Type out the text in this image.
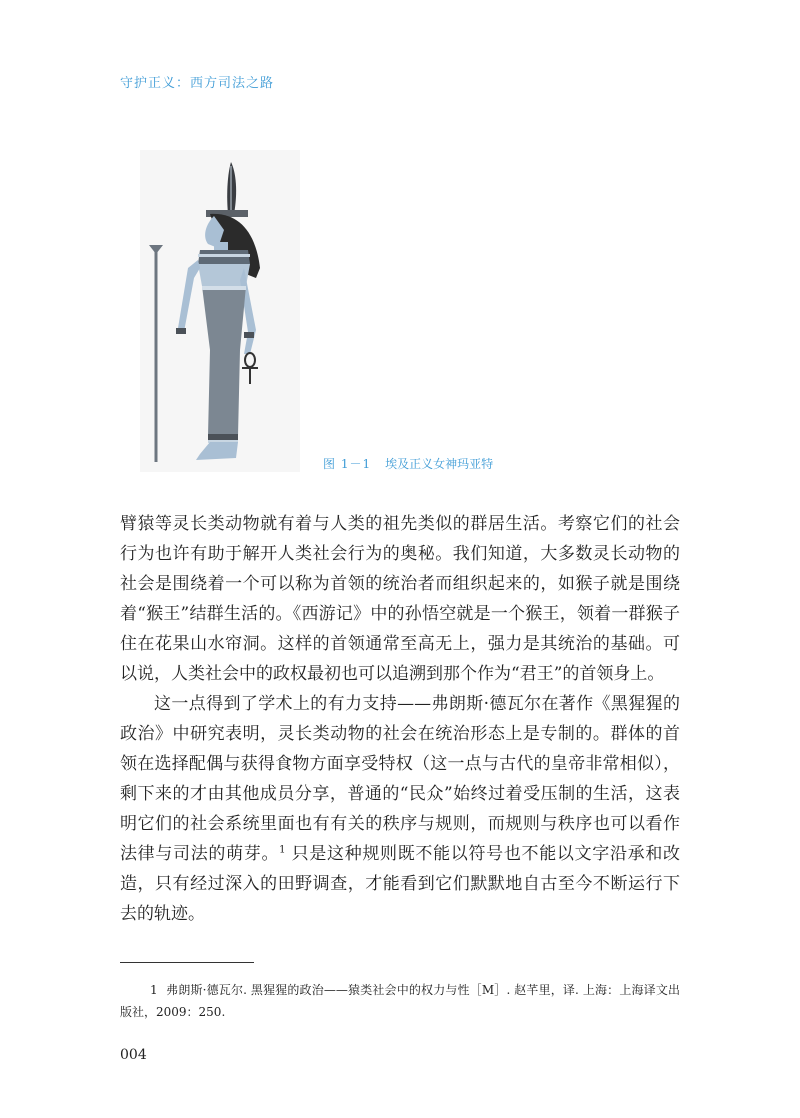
守护正义：西方司法之路
图 1－1 埃及正义女神玛亚特

臂猿等灵长类动物就有着与人类的祖先类似的群居生活。考察它们的社会行为也许有助于解开人类社会行为的奥秘。我们知道，大多数灵长动物的社会是围绕着一个可以称为首领的统治者而组织起来的，如猴子就是围绕着“猴王”结群生活的。《西游记》中的孙悟空就是一个猴王，领着一群猴子住在花果山水帘洞。这样的首领通常至高无上，强力是其统治的基础。可以说，人类社会中的政权最初也可以追溯到那个作为“君王”的首领身上。

这一点得到了学术上的有力支持——弗朗斯·德瓦尔在著作《黑猩猩的政治》中研究表明，灵长类动物的社会在统治形态上是专制的。群体的首领在选择配偶与获得食物方面享受特权（这一点与古代的皇帝非常相似），剩下来的才由其他成员分享，普通的“民众”始终过着受压制的生活，这表明它们的社会系统里面也有有关的秩序与规则，而规则与秩序也可以看作法律与司法的萌芽。$^1$ 只是这种规则既不能以符号也不能以文字沿承和改造，只有经过深入的田野调查，才能看到它们默默地自古至今不断运行下去的轨迹。

1 弗朗斯·德瓦尔. 黑猩猩的政治——猿类社会中的权力与性［M］. 赵芊里，译. 上海：上海译文出版社，2009：250.
004
